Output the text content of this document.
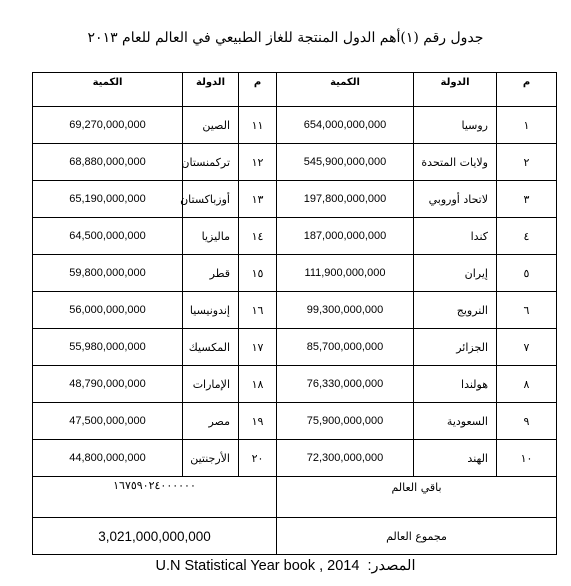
جدول رقم (١)أهم الدول المنتجة للغاز الطبيعي في العالم للعام ٢٠١٣
الكمية	الدولة	م	الكمية	الدولة	م
69,270,000,000	الصين	١١	654,000,000,000	روسيا	١
68,880,000,000	تركمنستان	١٢	545,900,000,000	ولايات المتحدة	٢
65,190,000,000	أوزباكستان	١٣	197,800,000,000	لاتحاد أوروبي	٣
64,500,000,000	ماليزيا	١٤	187,000,000,000	كندا	٤
59,800,000,000	قطر	١٥	111,900,000,000	إيران	٥
56,000,000,000	إندونيسيا	١٦	99,300,000,000	النرويج	٦
55,980,000,000	المكسيك	١٧	85,700,000,000	الجزائر	٧
48,790,000,000	الإمارات	١٨	76,330,000,000	هولندا	٨
47,500,000,000	مصر	١٩	75,900,000,000	السعودية	٩
44,800,000,000	الأرجنتين	٢٠	72,300,000,000	الهند	١٠
١٦٧٥٩٠٢٤٠٠٠٠٠٠			باقي العالم		
3,021,000,000,000			مجموع العالم		
U.N Statistical Year book , 2014 المصدر:
